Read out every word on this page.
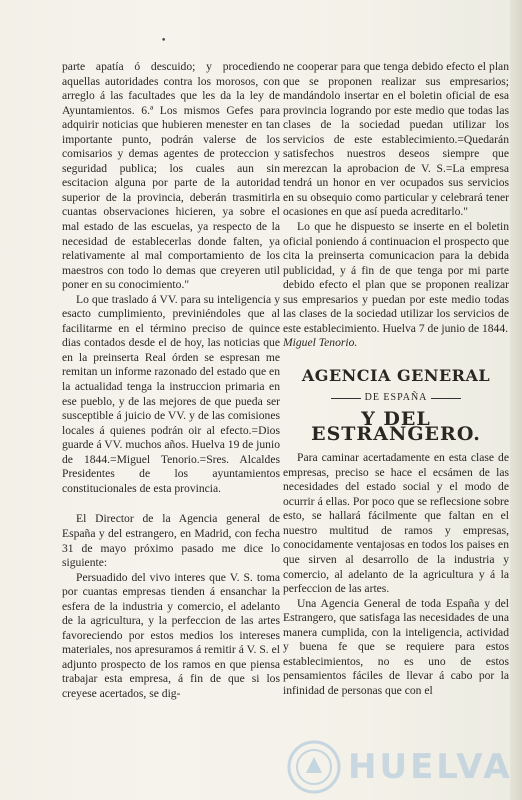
•

parte apatía ó descuido; y procediendo aquellas autoridades contra los morosos, con arreglo á las facultades que les da la ley de Ayuntamientos. 6.ª Los mismos Gefes para adquirir noticias que hubieren menester en tan importante punto, podrán valerse de los comisarios y demas agentes de proteccion y seguridad publica; los cuales aun sin escitacion alguna por parte de la autoridad superior de la provincia, deberán trasmitirla cuantas observaciones hicieren, ya sobre el mal estado de las escuelas, ya respecto de la necesidad de establecerlas donde falten, ya relativamente al mal comportamiento de los maestros con todo lo demas que creyeren util poner en su conocimiento."

Lo que traslado á VV. para su inteligencia y esacto cumplimiento, previniéndoles que al facilitarme en el término preciso de quince dias contados desde el de hoy, las noticias que en la preinserta Real órden se espresan me remitan un informe razonado del estado que en la actualidad tenga la instruccion primaria en ese pueblo, y de las mejores de que pueda ser susceptible á juicio de VV. y de las comisiones locales á quienes podrán oir al efecto.=Dios guarde á VV. muchos años. Huelva 19 de junio de 1844.=Miguel Tenorio.=Sres. Alcaldes Presidentes de los ayuntamientos constitucionales de esta provincia.

El Director de la Agencia general de España y del estrangero, en Madrid, con fecha 31 de mayo próximo pasado me dice lo siguiente:

Persuadido del vivo interes que V. S. toma por cuantas empresas tienden á ensanchar la esfera de la industria y comercio, el adelanto de la agricultura, y la perfeccion de las artes favoreciendo por estos medios los intereses materiales, nos apresuramos á remitir á V. S. el adjunto prospecto de los ramos en que piensa trabajar esta empresa, á fin de que si los creyese acertados, se dig-

ne cooperar para que tenga debido efecto el plan que se proponen realizar sus empresarios; mandándolo insertar en el boletin oficial de esa provincia logrando por este medio que todas las clases de la sociedad puedan utilizar los servicios de este establecimiento.=Quedarán satisfechos nuestros deseos siempre que merezcan la aprobacion de V. S.=La empresa tendrá un honor en ver ocupados sus servicios en su obsequio como particular y celebrará tener ocasiones en que así pueda acreditarlo."

Lo que he dispuesto se inserte en el boletin oficial poniendo á continuacion el prospecto que cita la preinserta comunicacion para la debida publicidad, y á fin de que tenga por mi parte debido efecto el plan que se proponen realizar sus empresarios y puedan por este medio todas las clases de la sociedad utilizar los servicios de este establecimiento. Huelva 7 de junio de 1844.

Miguel Tenorio.

AGENCIA GENERAL
DE ESPAÑA
Y DEL ESTRANGERO.

Para caminar acertadamente en esta clase de empresas, preciso se hace el ecsámen de las necesidades del estado social y el modo de ocurrir á ellas. Por poco que se reflecsione sobre esto, se hallará fácilmente que faltan en el nuestro multitud de ramos y empresas, conocidamente ventajosas en todos los paises en que sirven al desarrollo de la industria y comercio, al adelanto de la agricultura y á la perfeccion de las artes.

Una Agencia General de toda España y del Estrangero, que satisfaga las necesidades de una manera cumplida, con la inteligencia, actividad y buena fe que se requiere para estos establecimientos, no es uno de estos pensamientos fáciles de llevar á cabo por la infinidad de personas que con el

HUELVA
